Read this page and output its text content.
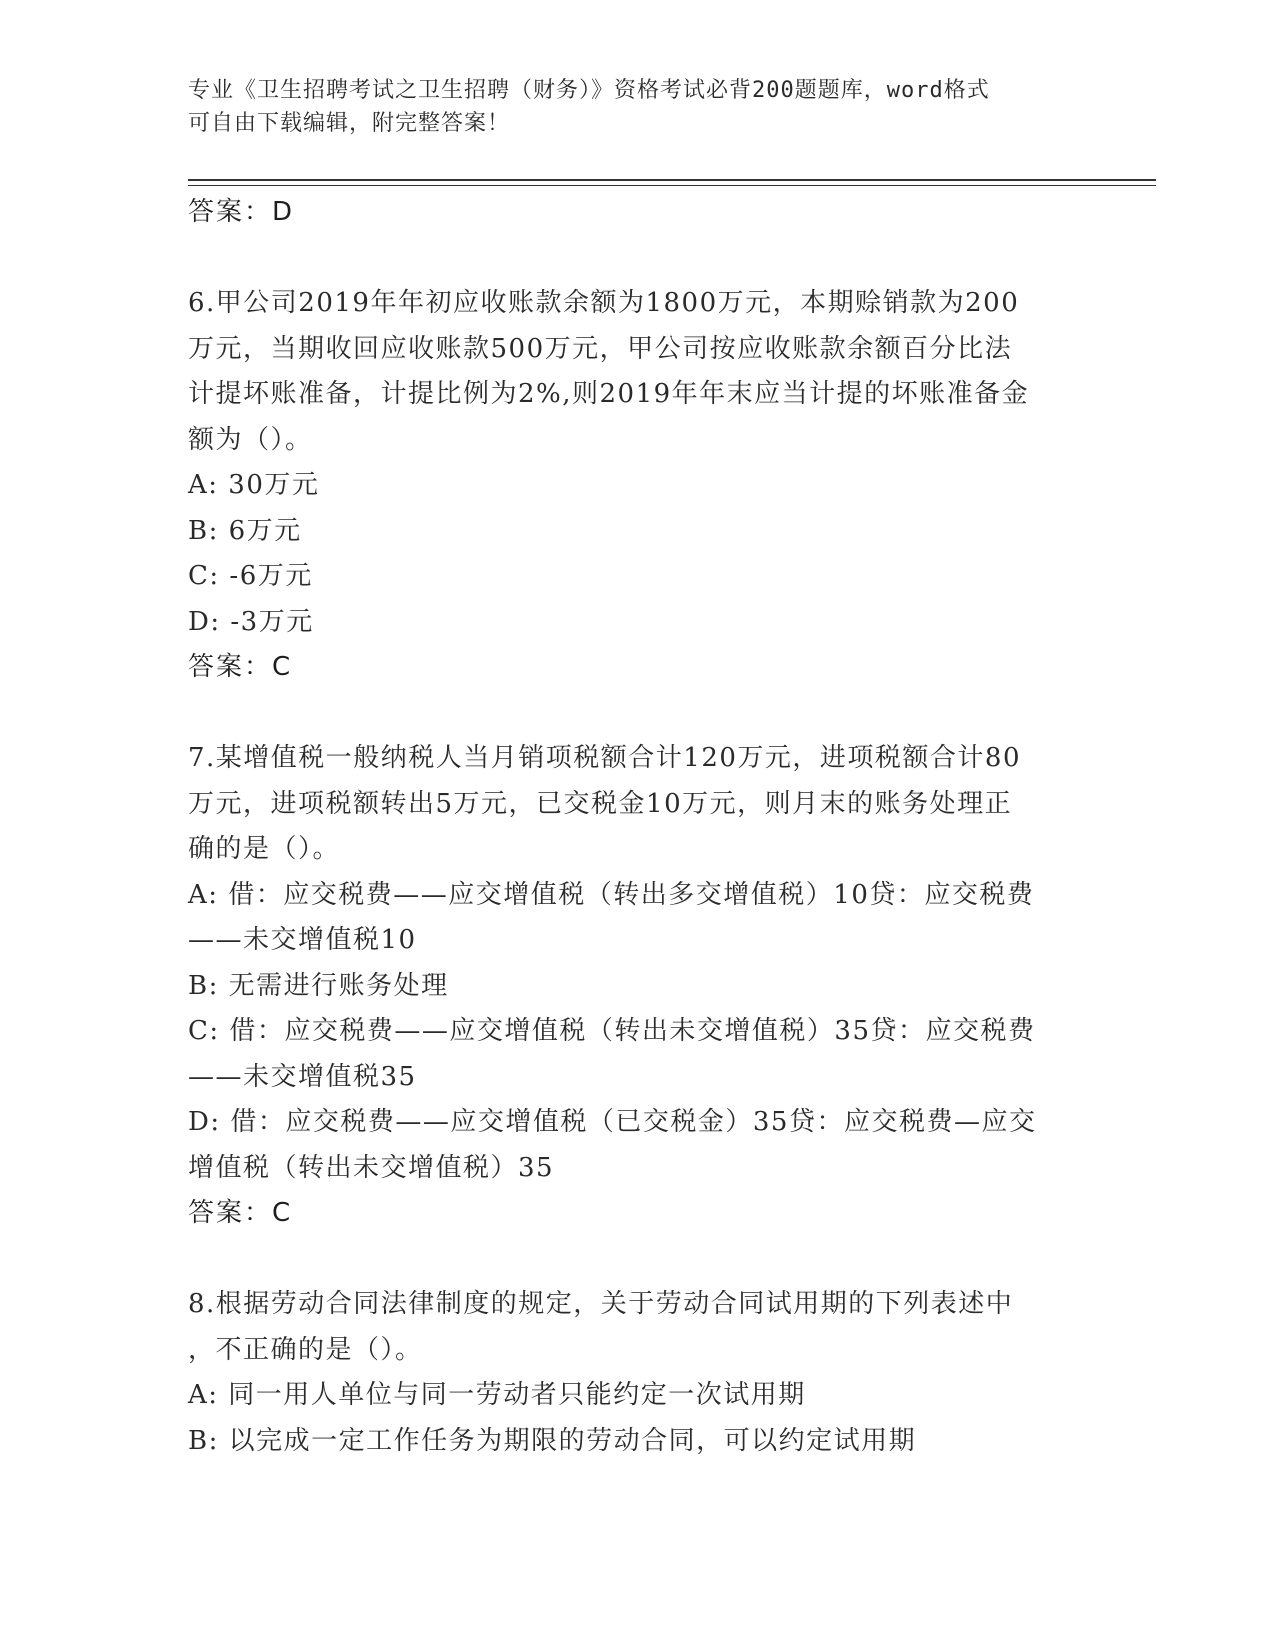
专业《卫生招聘考试之卫生招聘（财务）》资格考试必背200题题库，word格式
可自由下载编辑，附完整答案！
答案：D
6.甲公司2019年年初应收账款余额为1800万元，本期赊销款为200
万元，当期收回应收账款500万元，甲公司按应收账款余额百分比法
计提坏账准备，计提比例为2%,则2019年年末应当计提的坏账准备金
额为（）。
A: 30万元
B: 6万元
C: -6万元
D: -3万元
答案：C
7.某增值税一般纳税人当月销项税额合计120万元，进项税额合计80
万元，进项税额转出5万元，已交税金10万元，则月末的账务处理正
确的是（）。
A: 借：应交税费——应交增值税（转出多交增值税）10贷：应交税费
——未交增值税10
B: 无需进行账务处理
C: 借：应交税费——应交增值税（转出未交增值税）35贷：应交税费
——未交增值税35
D: 借：应交税费——应交增值税（已交税金）35贷：应交税费—应交
增值税（转出未交增值税）35
答案：C
8.根据劳动合同法律制度的规定，关于劳动合同试用期的下列表述中
，不正确的是（）。
A: 同一用人单位与同一劳动者只能约定一次试用期
B: 以完成一定工作任务为期限的劳动合同，可以约定试用期
